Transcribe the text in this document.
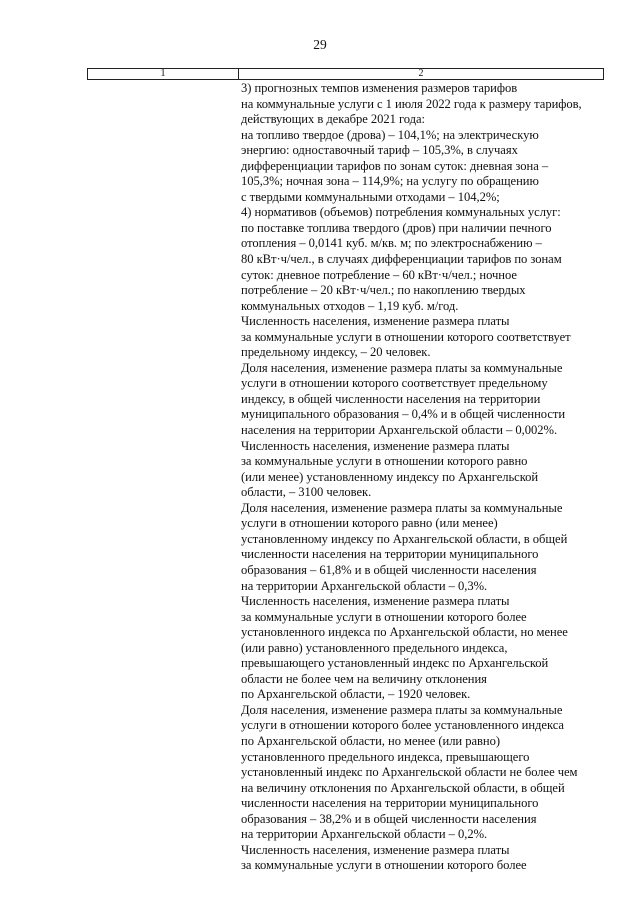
29
1	2
3) прогнозных темпов изменения размеров тарифов
на коммунальные услуги с 1 июля 2022 года к размеру тарифов,
действующих в декабре 2021 года:
на топливо твердое (дрова) – 104,1%; на электрическую
энергию: одноставочный тариф – 105,3%, в случаях
дифференциации тарифов по зонам суток: дневная зона –
105,3%; ночная зона – 114,9%; на услугу по обращению
с твердыми коммунальными отходами – 104,2%;
4) нормативов (объемов) потребления коммунальных услуг:
по поставке топлива твердого (дров) при наличии печного
отопления – 0,0141 куб. м/кв. м; по электроснабжению –
80 кВт·ч/чел., в случаях дифференциации тарифов по зонам
суток: дневное потребление – 60 кВт·ч/чел.; ночное
потребление – 20 кВт·ч/чел.; по накоплению твердых
коммунальных отходов – 1,19 куб. м/год.
Численность населения, изменение размера платы
за коммунальные услуги в отношении которого соответствует
предельному индексу, – 20 человек.
Доля населения, изменение размера платы за коммунальные
услуги в отношении которого соответствует предельному
индексу, в общей численности населения на территории
муниципального образования – 0,4% и в общей численности
населения на территории Архангельской области – 0,002%.
Численность населения, изменение размера платы
за коммунальные услуги в отношении которого равно
(или менее) установленному индексу по Архангельской
области, – 3100 человек.
Доля населения, изменение размера платы за коммунальные
услуги в отношении которого равно (или менее)
установленному индексу по Архангельской области, в общей
численности населения на территории муниципального
образования – 61,8% и в общей численности населения
на территории Архангельской области – 0,3%.
Численность населения, изменение размера платы
за коммунальные услуги в отношении которого более
установленного индекса по Архангельской области, но менее
(или равно) установленного предельного индекса,
превышающего установленный индекс по Архангельской
области не более чем на величину отклонения
по Архангельской области, – 1920 человек.
Доля населения, изменение размера платы за коммунальные
услуги в отношении которого более установленного индекса
по Архангельской области, но менее (или равно)
установленного предельного индекса, превышающего
установленный индекс по Архангельской области не более чем
на величину отклонения по Архангельской области, в общей
численности населения на территории муниципального
образования – 38,2% и в общей численности населения
на территории Архангельской области – 0,2%.
Численность населения, изменение размера платы
за коммунальные услуги в отношении которого более
